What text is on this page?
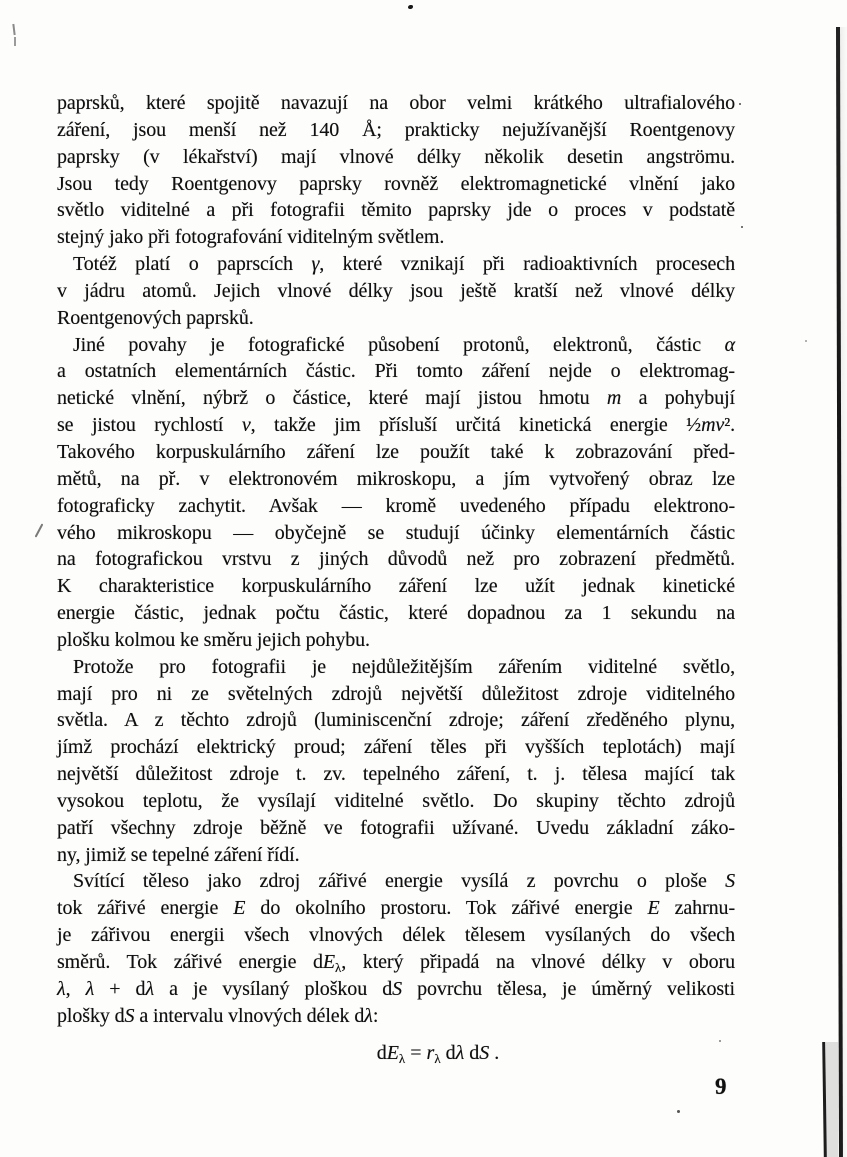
paprsků, které spojitě navazují na obor velmi krátkého ultrafialového
záření, jsou menší než 140 Å; prakticky nejužívanější Roentgenovy
paprsky (v lékařství) mají vlnové délky několik desetin angströmu.
Jsou tedy Roentgenovy paprsky rovněž elektromagnetické vlnění jako
světlo viditelné a při fotografii těmito paprsky jde o proces v podstatě
stejný jako při fotografování viditelným světlem.
Totéž platí o paprscích γ, které vznikají při radioaktivních procesech
v jádru atomů. Jejich vlnové délky jsou ještě kratší než vlnové délky
Roentgenových paprsků.
Jiné povahy je fotografické působení protonů, elektronů, částic α
a ostatních elementárních částic. Při tomto záření nejde o elektromag-
netické vlnění, nýbrž o částice, které mají jistou hmotu m a pohybují
se jistou rychlostí v, takže jim přísluší určitá kinetická energie ½mv².
Takového korpuskulárního záření lze použít také k zobrazování před-
mětů, na př. v elektronovém mikroskopu, a jím vytvořený obraz lze
fotograficky zachytit. Avšak — kromě uvedeného případu elektrono-
vého mikroskopu — obyčejně se studují účinky elementárních částic
na fotografickou vrstvu z jiných důvodů než pro zobrazení předmětů.
K charakteristice korpuskulárního záření lze užít jednak kinetické
energie částic, jednak počtu částic, které dopadnou za 1 sekundu na
plošku kolmou ke směru jejich pohybu.
Protože pro fotografii je nejdůležitějším zářením viditelné světlo,
mají pro ni ze světelných zdrojů největší důležitost zdroje viditelného
světla. A z těchto zdrojů (luminiscenční zdroje; záření zředěného plynu,
jímž prochází elektrický proud; záření těles při vyšších teplotách) mají
největší důležitost zdroje t. zv. tepelného záření, t. j. tělesa mající tak
vysokou teplotu, že vysílají viditelné světlo. Do skupiny těchto zdrojů
patří všechny zdroje běžně ve fotografii užívané. Uvedu základní záko-
ny, jimiž se tepelné záření řídí.
Svítící těleso jako zdroj zářivé energie vysílá z povrchu o ploše S
tok zářivé energie E do okolního prostoru. Tok zářivé energie E zahrnu-
je zářivou energii všech vlnových délek tělesem vysílaných do všech
směrů. Tok zářivé energie $dE_\lambda$, který připadá na vlnové délky v oboru
λ, λ + dλ a je vysílaný ploškou dS povrchu tělesa, je úměrný velikosti
plošky dS a intervalu vlnových délek dλ:
$dE_\lambda = r_\lambda$ dλ dS .
9
